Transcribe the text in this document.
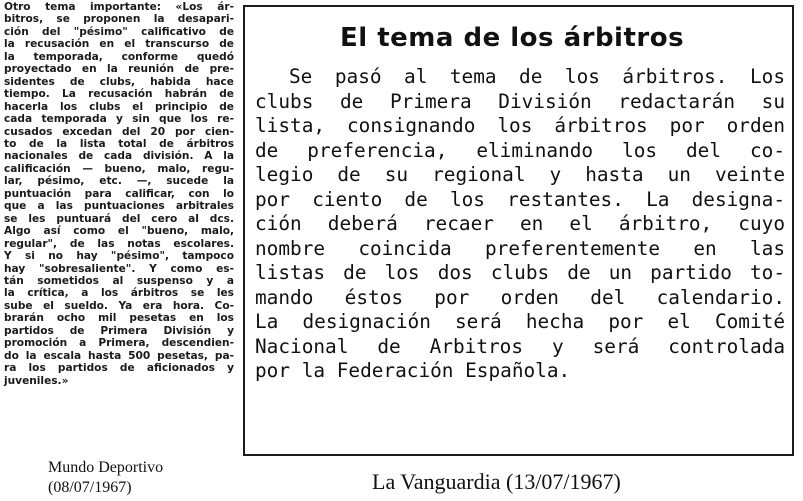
Otro tema importante: «Los ár-
bitros, se proponen la desapari-
ción del "pésimo" calificativo de
la recusación en el transcurso de
la temporada, conforme quedó
proyectado en la reunión de pre-
sidentes de clubs, habida hace
tiempo. La recusación habrán de
hacerla los clubs el principio de
cada temporada y sin que los re-
cusados excedan del 20 por cien-
to de la lista total de árbitros
nacionales de cada división. A la
calificación — bueno, malo, regu-
lar, pésimo, etc. —, sucede la
puntuación para calificar, con lo
que a las puntuaciones arbitrales
se les puntuará del cero al dcs.
Algo así como el "bueno, malo,
regular", de las notas escolares.
Y si no hay "pésimo", tampoco
hay "sobresaliente". Y como es-
tán sometidos al suspenso y a
la crítica, a los árbitros se les
sube el sueldo. Ya era hora. Co-
brarán ocho mil pesetas en los
partidos de Primera División y
promoción a Primera, descendien-
do la escala hasta 500 pesetas, pa-
ra los partidos de aficionados y
juveniles.»
Mundo Deportivo
(08/07/1967)
El tema de los árbitros
Se pasó al tema de los árbitros. Los
clubs de Primera División redactarán su
lista, consignando los árbitros por orden
de preferencia, eliminando los del co-
legio de su regional y hasta un veinte
por ciento de los restantes. La designa-
ción deberá recaer en el árbitro, cuyo
nombre coincida preferentemente en las
listas de los dos clubs de un partido to-
mando éstos por orden del calendario.
La designación será hecha por el Comité
Nacional de Arbitros y será controlada
por la Federación Española.
La Vanguardia (13/07/1967)
